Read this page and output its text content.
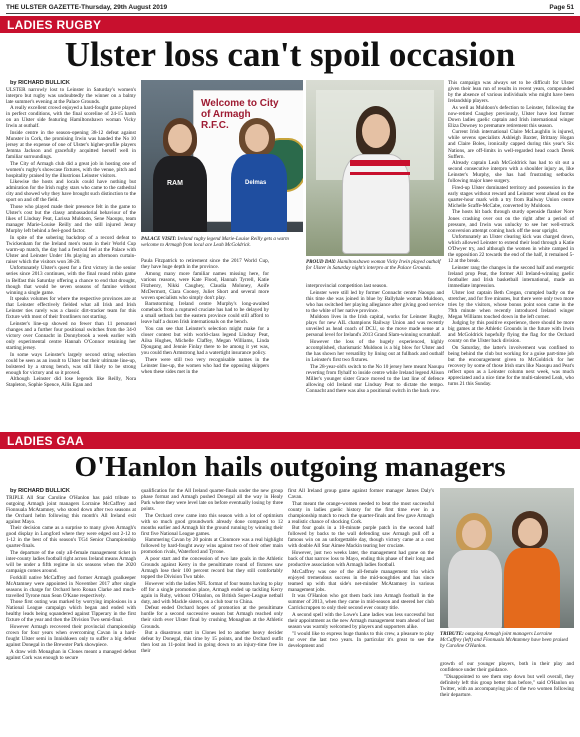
THE ULSTER GAZETTE-Thursday, 29th August 2019	Page 51
LADIES RUGBY
Ulster loss can't spoil occasion

by RICHARD BULLICK

ULSTER narrowly lost to Leinster in Saturday's women's interpro but rugby was undoubtedly the winner on a balmy late summer's evening at the Palace Grounds.

A really excellent crowd enjoyed a hard-fought game played in perfect conditions, with the final scoreline of 24-15 harsh on an Ulster side featuring Hamiltonsbawn woman Vicky Irwin at outhalf.

Inside centre in the season-opening 38-12 defeat against Munster in Cork, the promising Irwin was handed the No 10 jersey at the expense of one of Ulster's higher-profile players Jemma Jackson and gracefully acquitted herself well in familiar surroundings.

The City of Armagh club did a great job in hosting one of women's rugby's showcase fixtures, with the venue, pitch and hospitality praised by the illustrious Leinster visitors.

Likewise the hosts and locals could have nothing but admiration for the Irish rugby stars who came to the cathedral city and showed why they have brought such distinction to the sport on and off the field.

Those who played made their presence felt in the game to Ulster's cost but the classy ambassadorial behaviour of the likes of Lindsay Peat, Larissa Muldoon, Sene Naoupu, team manager Marie-Louise Reilly and the still injured Jenny Murphy left behind a feel-good factor.

In spite of the sobering backdrop of a record defeat to Twickenham for the Ireland men's team in their World Cup warm-up match, the day had a festival feel at the Palace with Ulster and Leinster Under 18s playing an afternoon curtain-raiser which the visitors won 38-20.

Unfortunately Ulster's quest for a first victory in the senior series since 2013 continues, with the final round robin game in Belfast this Saturday offering a chance to end that drought, though that would be seven seasons of famine without winning a single game.

It speaks volumes for where the respective provinces are at that Leinster effectively fielded what all Irish and Irish Leinster ties rarely was a classic dirt-tracker team for this fixture with most of their frontliners not starting.

Leinster's line-up showed no fewer than 11 personnel changes and a further four positional switches from the 34-0 victory over Connacht in Donnybrook a week earlier with only experimental centre Hannah O'Connor retaining her starting jersey.

In some ways Leinster's largely second string selection could be seen as an insult to Ulster but their ultimate line-up, bolstered by a strong bench, was still likely to be strong enough for victory and so it proved.

Although Leinster did lose legends like Reilly, Nora Stapleton, Sophie Spence, Ailis Egan and

Welcome to City of Armagh R.F.C.
RAM	Delmas
PALACE VISIT: Ireland rugby legend Marie-Louise Reilly gets a warm welcome to Armagh from local ace Leah McGoldrick.

Paula Fitzpatrick to retirement since the 2017 World Cup, they have huge depth in the province.

Among many more familiar names missing here, for various reasons, were Kate Flood, Hannah Tyrrell, Katie Fitzhenry, Nikki Caughey, Claudia Moloney, Aoife McDermott, Ciara Cooney, Juliet Short and several more woven specialists who simply don't play.

Barnstorming Ireland centre Murphy's long-awaited comeback from a ruptured cruciate has had to be delayed by a small setback but the eastern province could still afford to leave half a dozen Irish internationals on the bench.

You can see that Leinster's selection might make for a closer contest but with world-class legend Lindsay Peat, Ailsa Hughes, Michelle Claffey, Megan Williams, Linda Djougang and Jennie Finlay there to be among it yet was, you could then Armstrong had a watertight insurance policy.

There were still two very recognisable names in the Leinster line-up, the women who had the opposing skippers when these sides met in the

PROUD DAY: Hamiltonsbawn woman Vicky Irwin played outhalf for Ulster in Saturday night's interpro at the Palace Grounds.

interprovincial competition last season.

Leinster were still led by former Connacht centre Naoupu and this time she was joined in blue by Ballyhale woman Muldoon, who has switched her playing allegiance after giving good service to the white of her native province.

Muldoon lives in the Irish capital, works for Leinster Rugby, plays for new AIL champions Railway Union and was recently unveiled as head coach of DCU, so the move made sense at a personal level for Ireland's 2013 Grand Slam-winning scrumhalf.

However the loss of the hugely experienced, highly accomplished, charismatic Muldoon is a big blow for Ulster and the has shown her versatility by lining out at fullback and outhalf in Leinster's first two fixtures.

The 28-year-old's switch to the No 10 jersey here meant Naoupu reverting from flyhalf to inside centre while Ireland legend Alison Miller's younger sister Grace moved to the last line of defence allowing old Ireland star Lindsay Peat to dictate the tempo. Connacht and there was also a positional switch in the back row.

This campaign was always set to be difficult for Ulster given their lean run of results in recent years, compounded by the absence of various individuals who might have been Irelandship players.

As well as Muldoon's defection to Leinster, following the now-retired Caughey previously, Ulster have lost former Down ladies gaelic captain and Irish international winger Eliza Downey to premature retirement this season.

Current Irish international Claire McLaughlin is injured, while sevens specialists Ashleigh Baxter, Brittany Hogan and Claire Boles, ironically capped during this year's Six Nations, are off-limits in well-regarded head coach Derek Suffern.

Already captain Leah McGoldrick has had to sit out a second consecutive interpro with a shoulder injury as, like Leinster's Murphy, she has had frustrating setbacks following major knee surgery.

Fired-up Ulster dominated territory and possession in the early stages without reward and Leinster went ahead on the quarter-hour mark with a try from Railway Union centre Michelle Scaffe-McCabe, converted by Muldoon.

The hosts hit back through sturdy openside flanker Nore Jones crashing over out on the right after a period of pressure, and Irwin was unlucky to see her well-struck conversion attempt coming back off the near upright.

Unfortunately an Ulster clearing kick was charged down, which allowed Leinster to extend their lead through a Katie O'Dwyer try, and although the women in white camped in the opposition 22 towards the end of the half, it remained 5-12 at the break.

Leinster rang the changes in the second half and energetic Ireland prop Peat, the former All Ireland-winning gaelic footballer and Irish basketball international, made an immediate impression.

Ulster lost captain Beth Cregan, crumpled badly on the stretcher, and for five minutes, but there were only two more tries by the visitors, whose bonus point soon came in the 79th minute when recently introduced Ireland winger Megan Williams touched down in the left corner.

Judging by this positive experience, there should be more big games at the Athletic Grounds in the future with Irwin and McGoldrick hopefully flying the flag for the Orchard county on the Ulster back division.

On Saturday, the latter's involvement was confined to being behind the club but working for a guise part-time job but the encouragement given to McGoldrick for her recovery by some of those Irish stars like Naoupu and Peat's reflect upon as a Leinster column next week, was much appreciated and a nice time for the multi-talented Leah, who turns 21 this Sunday.

LADIES GAA
O'Hanlon hails outgoing managers

by RICHARD BULLICK

TRIPLE All Star Caroline O'Hanlon has paid tribute to outgoing Armagh joint managers Lorraine McCaffrey and Fionnuala McAtamney, who stood down after two seasons at the Orchard helm following this month's All Ireland exit against Mayo.

Their decision came as a surprise to many given Armagh's good display in Longford where they were edged out 2-12 to 1-12 in the best of this season's TG4 Senior Championship quarter-finals.

The departure of the only all-female management ticket in inter-county ladies football right across Ireland means Armagh will be under a fifth regime in six seasons when the 2020 campaign comes around.

Forkhill native McCaffrey and former Armagh goalkeeper McAtamney were appointed in November 2017 after single seasons in charge for Orchard hero Ronan Clarke and much-travelled Tyrone man Sean O'Kane respectively.

Those first outing was marked by worrying implosions in a National League campaign which began and ended with healthy leads being squandered against Tipperary in the first fixture of the year and then the Division Two semi-final.

However Armagh recovered their provincial championship crown for four years when overcoming Cavan in a hard-fought Ulster semi in Innishkeen only to suffer a big defeat against Donegal in the Brewster Park showpiece.

A draw with Monaghan in Clones meant a managed defeat against Cork was enough to secure

qualification for the All Ireland quarter-finals under the new group phase format and Armagh pushed Donegal all the way in Healy Park where they were level late on before eventually losing by three points.

The Orchard crew came into this season with a lot of optimism with so much good groundwork already done compared to 12 months earlier and Armagh hit the ground running by winning their first five National League games.

Hammering Cavan by 20 points at Clonmore was a real highlight followed by hard-fought away wins against two of their other main promotion rivals, Waterford and Tyrone.

A poor start and the concession of two late goals in the Athletic Grounds against Kerry in the penultimate round of fixtures saw Armagh lose their 100 percent record but they still comfortably topped the Division Two table.

However with the ladies NFL format of four teams having to play off for a single promotion place, Armagh ended up tackling Kerry again in Ruby, without O'Hanlon, on British Super-League netball duty, and with Mackle sisters, on a club tour to China.

Defeat ended Orchard hopes of promotion at the penultimate hurdle for a second successive season but Armagh reached only their sixth ever Ulster final by crushing Monaghan at the Athletic Grounds.

But a disastrous start in Clones led to another heavy decider defeat by Donegal, this time by 15 points, and the Orchard outfit then lost an 11-point lead in going down to an injury-time free in their

first All Ireland group game against former manager James Daly's Cavan.

That meant the orange-women needed to beat the most successful county in ladies gaelic history for the first time ever in a championship match to reach the quarter-finals and few gave Armagh a realistic chance of shocking Cork.

But four goals in a 10-minute purple patch in the second half followed by backs to the wall defending saw Armagh pull off a famous win on an unforgettable day, though victory came at a cost with double All Star Aimee Mackin tearing her cruciate.

However, just two weeks later, the management had gone on the back of that narrow loss to Mayo, ending this phase of their long and productive association with Armagh ladies football.

McCaffrey was one of the all-female management trio which enjoyed tremendous success in the mid-noughties and has since teamed up with that side's net-minder McAtamney in various management jobs.

It was O'Hanlon who got them back into Armagh football in the summer of 2013, when they came in mid-season and steered her club Carrickcruppen to only their second ever county title.

A second spell with the Lowe's Lane ladies was less successful but their appointment as the new Armagh management team ahead of last season was warmly welcomed by players and supporters alike.

"I would like to express huge thanks to this crew, a pleasure to play for over the last two years. In particular it's great to see the development and

TRIBUTE: outgoing Armagh joint managers Lorraine McCaffrey (left) and Fionnuala McAtamney have been praised by Caroline O'Hanlon.

growth of our younger players, both in their play and confidence under their guidance.

"Disappointed to see them step down but well overall, they definitely left this group better than before," said O'Hanlon on Twitter, with an accompanying pic of the two women following their departure.
